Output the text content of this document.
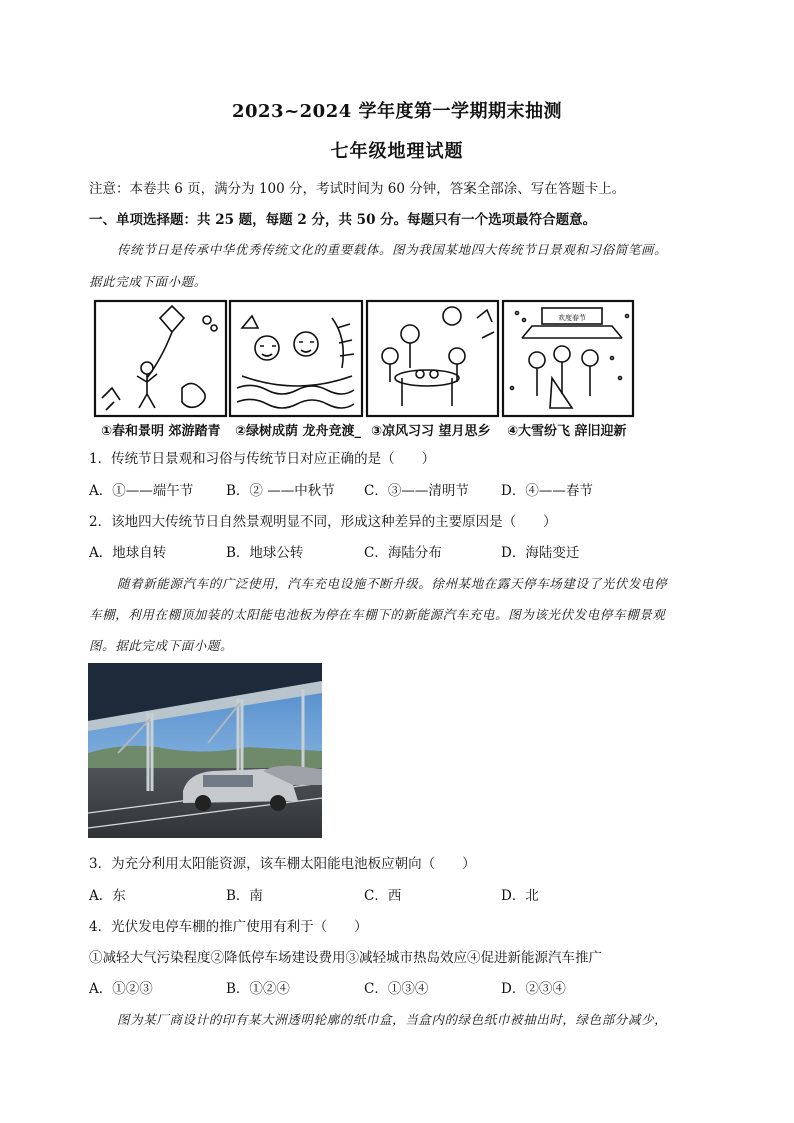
2023~2024 学年度第一学期期末抽测
七年级地理试题
注意：本卷共 6 页，满分为 100 分，考试时间为 60 分钟，答案全部涂、写在答题卡上。
一、单项选择题：共 25 题，每题 2 分，共 50 分。每题只有一个选项最符合题意。
传统节日是传承中华优秀传统文化的重要载体。图为我国某地四大传统节日景观和习俗简笔画。
据此完成下面小题。
欢度春节
①春和景明 郊游踏青 ②绿树成荫 龙舟竞渡_ ③凉风习习 望月思乡 ④大雪纷飞 辞旧迎新
1．传统节日景观和习俗与传统节日对应正确的是（　　）
A．①——端午节 B．② ——中秋节 C．③——清明节 D．④——春节
2．该地四大传统节日自然景观明显不同，形成这种差异的主要原因是（　　）
A．地球自转	B．地球公转	C．海陆分布	D．海陆变迁
随着新能源汽车的广泛使用，汽车充电设施不断升级。徐州某地在露天停车场建设了光伏发电停
车棚，利用在棚顶加装的太阳能电池板为停在车棚下的新能源汽车充电。图为该光伏发电停车棚景观
图。据此完成下面小题。
3．为充分利用太阳能资源，该车棚太阳能电池板应朝向（　　）
A．东	B．南	C．西	D．北
4．光伏发电停车棚的推广使用有利于（　　）
①减轻大气污染程度②降低停车场建设费用③减轻城市热岛效应④促进新能源汽车推广
A．①②③	B．①②④	C．①③④	D．②③④
图为某厂商设计的印有某大洲透明轮廓的纸巾盒，当盒内的绿色纸巾被抽出时，绿色部分减少，
